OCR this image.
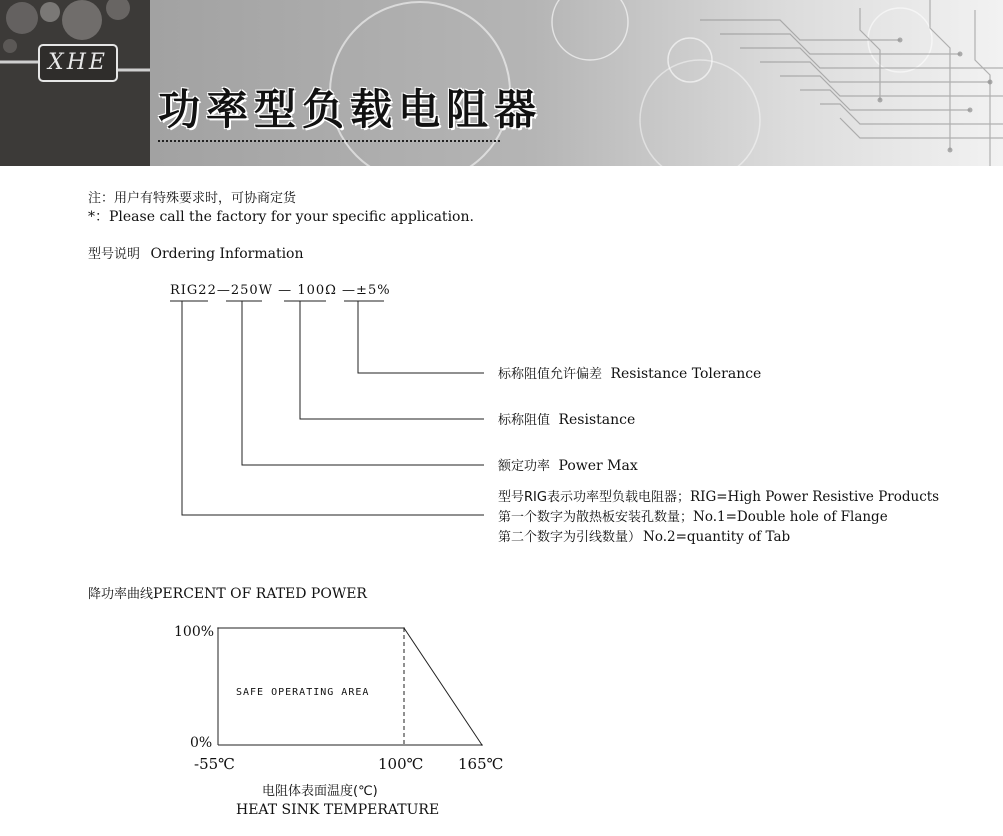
XHE
功率型负载电阻器
注：用户有特殊要求时，可协商定货
*：Please call the factory for your specific application.
型号说明 Ordering Information
RIG22—250W — 100Ω —±5%
标称阻值允许偏差 Resistance Tolerance
标称阻值 Resistance
额定功率 Power Max
型号RIG表示功率型负载电阻器；RIG=High Power Resistive Products
第一个数字为散热板安装孔数量；No.1=Double hole of Flange
第二个数字为引线数量） No.2=quantity of Tab
降功率曲线PERCENT OF RATED POWER
100%
0%
SAFE OPERATING AREA
-55℃	100℃ 165℃
电阻体表面温度(℃)
HEAT SINK TEMPERATURE
